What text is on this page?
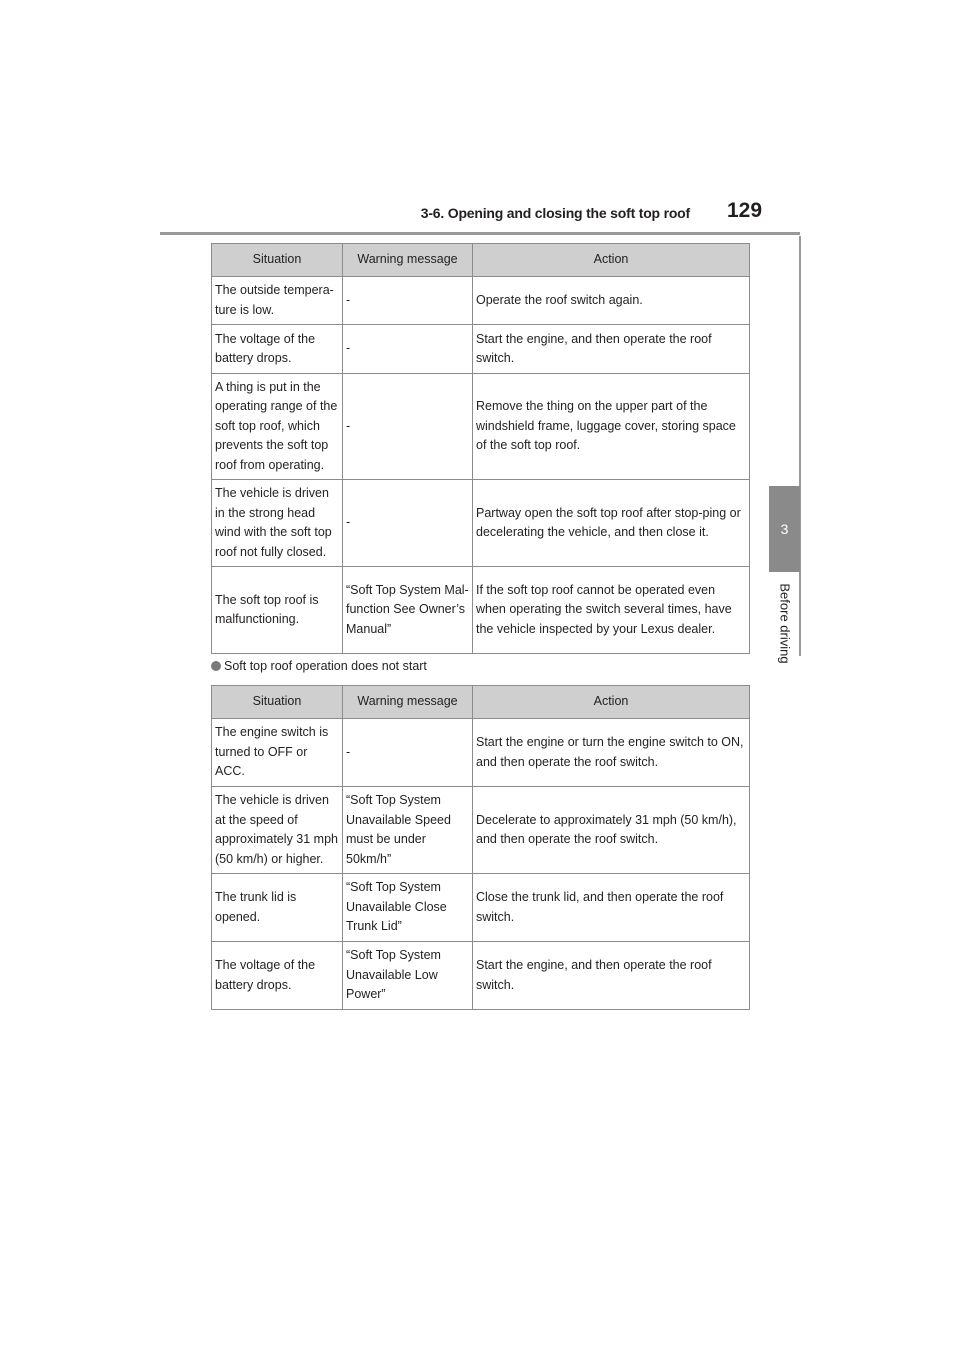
3-6. Opening and closing the soft top roof 129
3
Before driving
Situation	Warning message	Action
The outside tempera-ture is low.	-	Operate the roof switch again.
The voltage of the battery drops.	-	Start the engine, and then operate the roof switch.
A thing is put in the operating range of the soft top roof, which prevents the soft top roof from operating.	-	Remove the thing on the upper part of the windshield frame, luggage cover, storing space of the soft top roof.
The vehicle is driven in the strong head wind with the soft top roof not fully closed.	-	Partway open the soft top roof after stop-ping or decelerating the vehicle, and then close it.
The soft top roof is malfunctioning.	“Soft Top System Mal-function See Owner’s Manual”	If the soft top roof cannot be operated even when operating the switch several times, have the vehicle inspected by your Lexus dealer.
Soft top roof operation does not start
Situation	Warning message	Action
The engine switch is turned to OFF or ACC.	-	Start the engine or turn the engine switch to ON, and then operate the roof switch.
The vehicle is driven at the speed of approximately 31 mph (50 km/h) or higher.	“Soft Top System Unavailable Speed must be under 50km/h”	Decelerate to approximately 31 mph (50 km/h), and then operate the roof switch.
The trunk lid is opened.	“Soft Top System Unavailable Close Trunk Lid”	Close the trunk lid, and then operate the roof switch.
The voltage of the battery drops.	“Soft Top System Unavailable Low Power”	Start the engine, and then operate the roof switch.
